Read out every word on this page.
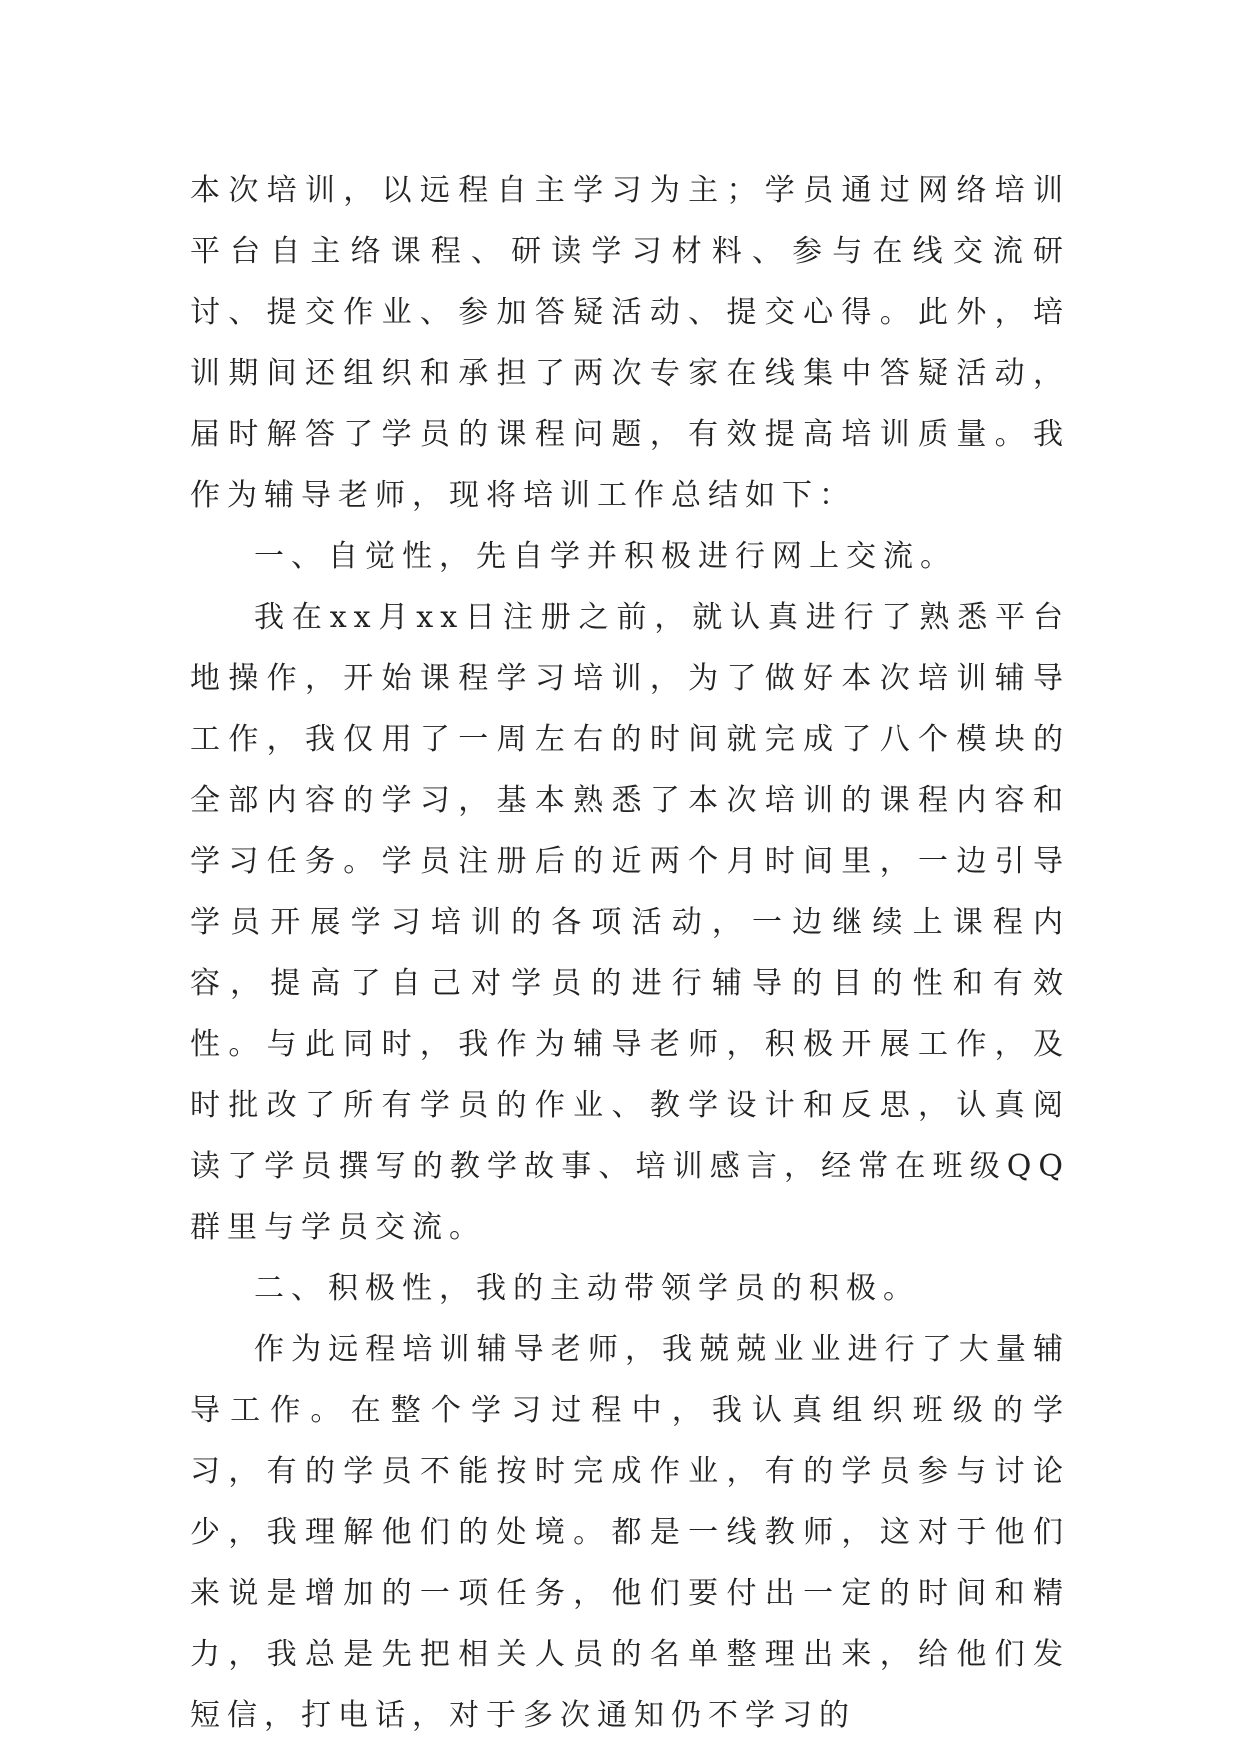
本次培训，以远程自主学习为主；学员通过网络培训平台自主络课程、研读学习材料、参与在线交流研讨、提交作业、参加答疑活动、提交心得。此外，培训期间还组织和承担了两次专家在线集中答疑活动，届时解答了学员的课程问题，有效提高培训质量。我作为辅导老师，现将培训工作总结如下：

一、自觉性，先自学并积极进行网上交流。

我在xx月xx日注册之前，就认真进行了熟悉平台地操作，开始课程学习培训，为了做好本次培训辅导工作，我仅用了一周左右的时间就完成了八个模块的全部内容的学习，基本熟悉了本次培训的课程内容和学习任务。学员注册后的近两个月时间里，一边引导学员开展学习培训的各项活动，一边继续上课程内容，提高了自己对学员的进行辅导的目的性和有效性。与此同时，我作为辅导老师，积极开展工作，及时批改了所有学员的作业、教学设计和反思，认真阅读了学员撰写的教学故事、培训感言，经常在班级QQ群里与学员交流。

二、积极性，我的主动带领学员的积极。

作为远程培训辅导老师，我兢兢业业进行了大量辅导工作。在整个学习过程中，我认真组织班级的学习，有的学员不能按时完成作业，有的学员参与讨论少，我理解他们的处境。都是一线教师，这对于他们来说是增加的一项任务，他们要付出一定的时间和精力，我总是先把相关人员的名单整理出来，给他们发短信，打电话，对于多次通知仍不学习的
